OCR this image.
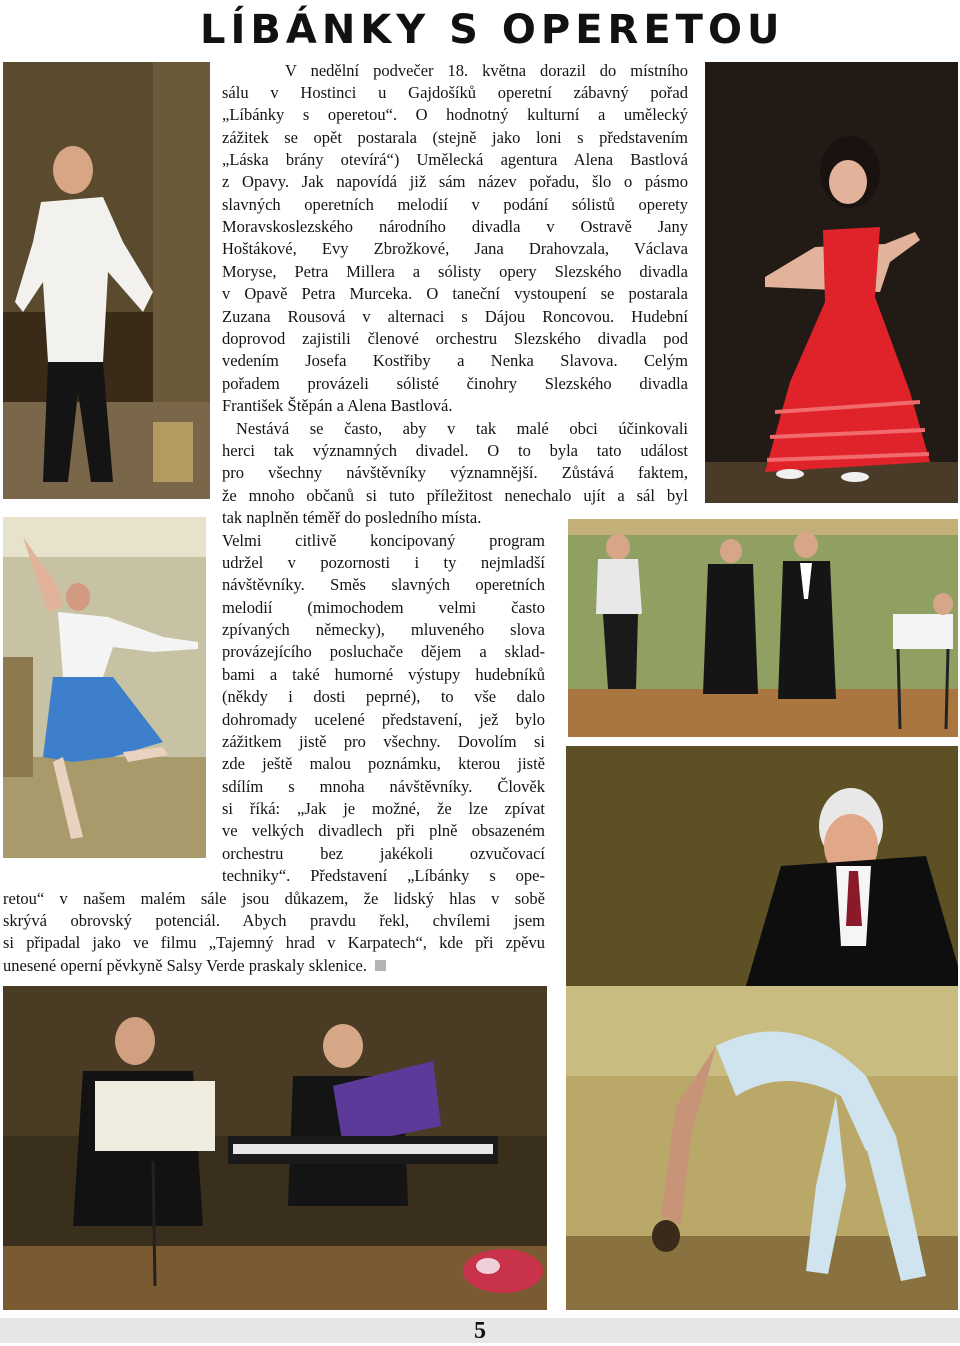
LÍBÁNKY S OPERETOU
V nedělní podvečer 18. května dorazil do místního
sálu v Hostinci u Gajdošíků operetní zábavný pořad
„Líbánky s operetou“. O hodnotný kulturní a umělecký
zážitek se opět postarala (stejně jako loni s představením
„Láska brány otevírá“) Umělecká agentura Alena Bastlová
z Opavy. Jak napovídá již sám název pořadu, šlo o pásmo
slavných operetních melodií v podání sólistů operety
Moravskoslezského národního divadla v Ostravě Jany
Hoštákové, Evy Zbrožkové, Jana Drahovzala, Václava
Moryse, Petra Millera a sólisty opery Slezského divadla
v Opavě Petra Murceka. O taneční vystoupení se postarala
Zuzana Rousová v alternaci s Dájou Roncovou. Hudební
doprovod zajistili členové orchestru Slezského divadla pod
vedením Josefa Kostřiby a Nenka Slavova. Celým
pořadem provázeli sólisté činohry Slezského divadla
František Štěpán a Alena Bastlová.
Nestává se často, aby v tak malé obci účinkovali
herci tak významných divadel. O to byla tato událost
pro všechny návštěvníky významnější. Zůstává faktem,
že mnoho občanů si tuto příležitost nenechalo ujít a sál byl
tak naplněn téměř do posledního místa.
Velmi citlivě koncipovaný program
udržel v pozornosti i ty nejmladší
návštěvníky. Směs slavných operetních
melodií (mimochodem velmi často
zpívaných německy), mluveného slova
provázejícího posluchače dějem a sklad-
bami a také humorné výstupy hudebníků
(někdy i dosti peprné), to vše dalo
dohromady ucelené představení, jež bylo
zážitkem jistě pro všechny. Dovolím si
zde ještě malou poznámku, kterou jistě
sdílím s mnoha návštěvníky. Člověk
si říká: „Jak je možné, že lze zpívat
ve velkých divadlech při plně obsazeném
orchestru bez jakékoli ozvučovací
techniky“. Představení „Líbánky s ope-
retou“ v našem malém sále jsou důkazem, že lidský hlas v sobě
skrývá obrovský potenciál. Abych pravdu řekl, chvílemi jsem
si připadal jako ve filmu „Tajemný hrad v Karpatech“, kde při zpěvu
unesené operní pěvkyně Salsy Verde praskaly sklenice.
5
